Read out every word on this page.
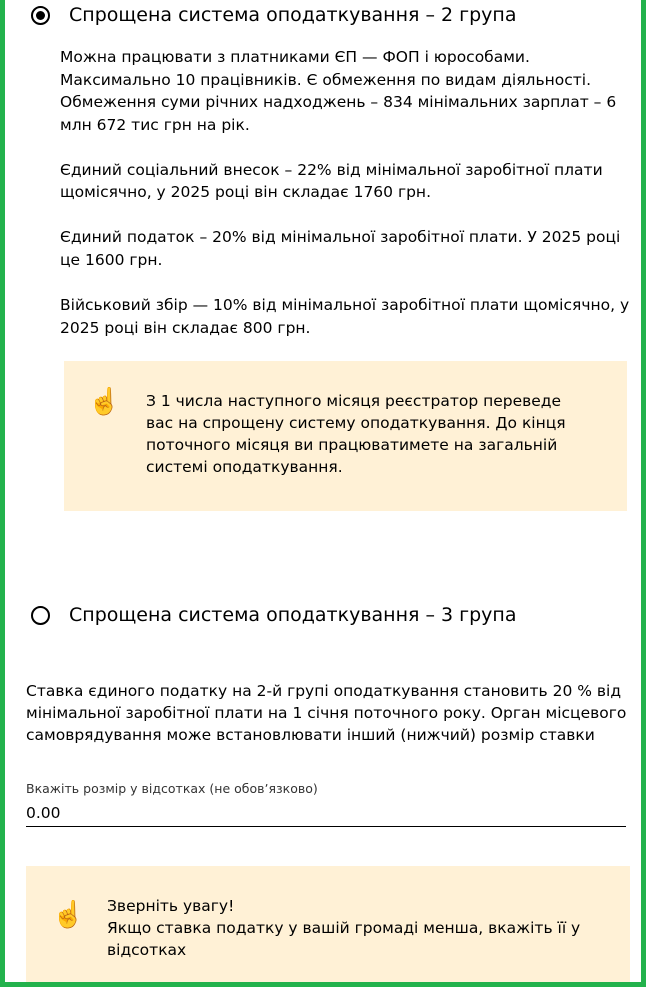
Спрощена система оподаткування – 2 група

Можна працювати з платниками ЄП — ФОП і юрособами. Максимально 10 працівників. Є обмеження по видам діяльності. Обмеження суми річних надходжень – 834 мінімальних зарплат – 6 млн 672 тис грн на рік.

Єдиний соціальний внесок – 22% від мінімальної заробітної плати щомісячно, у 2025 році він складає 1760 грн.

Єдиний податок – 20% від мінімальної заробітної плати. У 2025 році це 1600 грн.

Військовий збір — 10% від мінімальної заробітної плати щомісячно, у 2025 році він складає 800 грн.

☝️ З 1 числа наступного місяця реєстратор переведе вас на спрощену систему оподаткування. До кінця поточного місяця ви працюватимете на загальній системі оподаткування.
Спрощена система оподаткування – 3 група
Ставка єдиного податку на 2-й групі оподаткування становить 20 % від мінімальної заробітної плати на 1 січня поточного року. Орган місцевого самоврядування може встановлювати інший (нижчий) розмір ставки
Вкажіть розмір у відсотках (не обовʼязково)
0.00
☝️ Зверніть увагу!
Якщо ставка податку у вашій громаді менша, вкажіть її у відсотках
